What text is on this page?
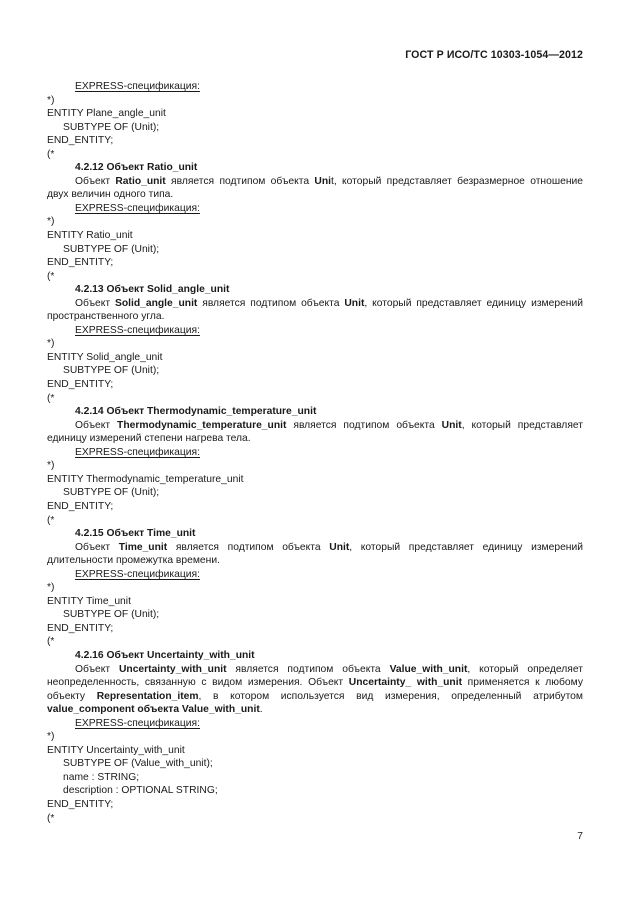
ГОСТ Р ИСО/ТС 10303-1054—2012
EXPRESS-спецификация:
*)
ENTITY Plane_angle_unit
SUBTYPE OF (Unit);
END_ENTITY;
(*
4.2.12 Объект Ratio_unit
Объект Ratio_unit является подтипом объекта Unit, который представляет безразмерное отношение двух величин одного типа.
EXPRESS-спецификация:
*)
ENTITY Ratio_unit
SUBTYPE OF (Unit);
END_ENTITY;
(*
4.2.13 Объект Solid_angle_unit
Объект Solid_angle_unit является подтипом объекта Unit, который представляет единицу измерений пространственного угла.
EXPRESS-спецификация:
*)
ENTITY Solid_angle_unit
SUBTYPE OF (Unit);
END_ENTITY;
(*
4.2.14 Объект Thermodynamic_temperature_unit
Объект Thermodynamic_temperature_unit является подтипом объекта Unit, который представляет единицу измерений степени нагрева тела.
EXPRESS-спецификация:
*)
ENTITY Thermodynamic_temperature_unit
SUBTYPE OF (Unit);
END_ENTITY;
(*
4.2.15 Объект Time_unit
Объект Time_unit является подтипом объекта Unit, который представляет единицу измерений длительности промежутка времени.
EXPRESS-спецификация:
*)
ENTITY Time_unit
SUBTYPE OF (Unit);
END_ENTITY;
(*
4.2.16 Объект Uncertainty_with_unit
Объект Uncertainty_with_unit является подтипом объекта Value_with_unit, который определяет неопределенность, связанную с видом измерения. Объект Uncertainty_ with_unit применяется к любому объекту Representation_item, в котором используется вид измерения, определенный атрибутом value_component объекта Value_with_unit.
EXPRESS-спецификация:
*)
ENTITY Uncertainty_with_unit
SUBTYPE OF (Value_with_unit);
name : STRING;
description : OPTIONAL STRING;
END_ENTITY;
(*
7
